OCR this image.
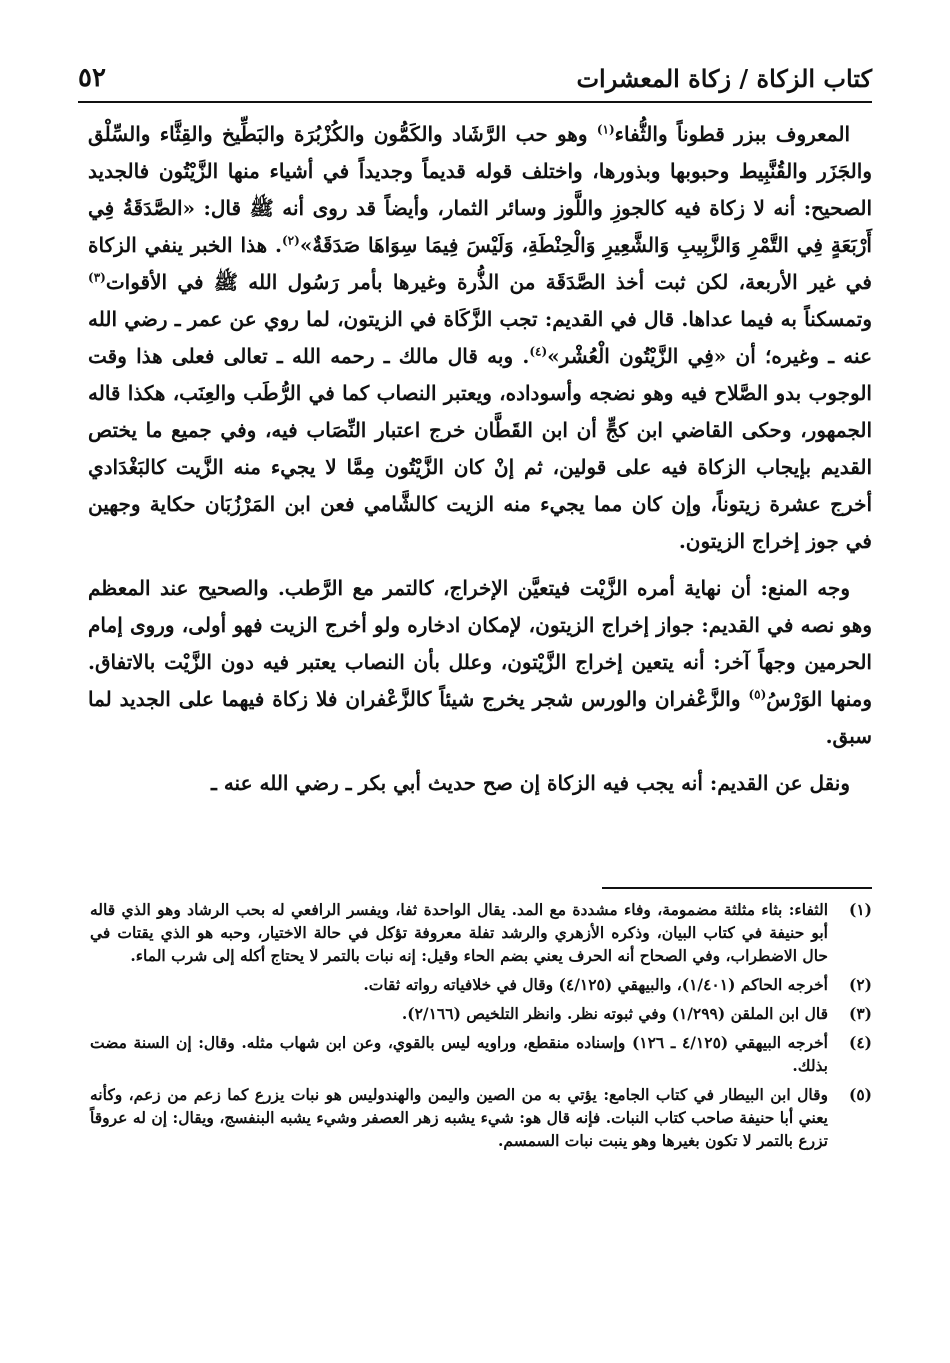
كتاب الزكاة / زكاة المعشرات
٥٢

المعروف ببزر قطوناً والثُّفاء$^{(١)}$ وهو حب الرَّشَاد والكَمُّون والكُزْبُرَة والبَطِّيخ والقِثَّاء والسِّلْق والجَزَر والقُنَّبِيط وحبوبها وبذورها، واختلف قوله قديماً وجديداً في أشياء منها الزَّيْتُون فالجديد الصحيح: أنه لا زكاة فيه كالجوزِ واللَّوز وسائر الثمار، وأيضاً قد روى أنه ﷺ قال: «الصَّدَقَةُ فِي أَرْبَعَةٍ فِي التَّمْرِ وَالزَّبِيبِ وَالشَّعِيرِ وَالْحِنْطَةِ، وَلَيْسَ فِيمَا سِوَاهَا صَدَقَةٌ»$^{(٢)}$. هذا الخبر ينفي الزكاة في غير الأربعة، لكن ثبت أخذ الصَّدَقَة من الذُّرة وغيرها بأمر رَسُول الله ﷺ في الأقوات$^{(٣)}$ وتمسكناً به فيما عداها. قال في القديم: تجب الزَّكَاة في الزيتون، لما روي عن عمر ـ رضي الله عنه ـ وغيره؛ أن «فِي الزَّيْتُون الْعُشْر»$^{(٤)}$. وبه قال مالك ـ رحمه الله ـ تعالى فعلى هذا وقت الوجوب بدو الصَّلاح فيه وهو نضجه وأسوداده، ويعتبر النصاب كما في الرُّطَب والعِنَب، هكذا قاله الجمهور، وحكى القاضي ابن كجٍّ أن ابن القَطَّان خرج اعتبار النِّصَاب فيه، وفي جميع ما يختص القديم بإيجاب الزكاة فيه على قولين، ثم إنْ كان الزَّيْتُون مِمَّا لا يجيء منه الزَّيت كالبَغْدَادي أخرج عشرة زيتوناً، وإن كان مما يجيء منه الزيت كالشَّامي فعن ابن المَرْزُبَان حكاية وجهين في جوز إخراج الزيتون.

وجه المنع: أن نهاية أمره الزَّيْت فيتعيَّن الإخراج، كالتمر مع الرَّطب. والصحيح عند المعظم وهو نصه في القديم: جواز إخراج الزيتون، لإمكان ادخاره ولو أخرج الزيت فهو أولى، وروى إمام الحرمين وجهاً آخر: أنه يتعين إخراج الزَّيْتون، وعلل بأن النصاب يعتبر فيه دون الزَّيْت بالاتفاق. ومنها الوَرْسُ$^{(٥)}$ والزَّعْفران والورس شجر يخرج شيئاً كالزَّعْفران فلا زكاة فيهما على الجديد لما سبق.

ونقل عن القديم: أنه يجب فيه الزكاة إن صح حديث أبي بكر ـ رضي الله عنه ـ

(١)
الثفاء: بثاء مثلثة مضمومة، وفاء مشددة مع المد. يقال الواحدة ثفا، ويفسر الرافعي له بحب الرشاد وهو الذي قاله أبو حنيفة في كتاب البيان، وذكره الأزهري والرشد تفلة معروفة تؤكل في حالة الاختيار، وحبه هو الذي يقتات في حال الاضطراب، وفي الصحاح أنه الحرف يعني بضم الحاء وقيل: إنه نبات بالتمر لا يحتاج أكله إلى شرب الماء.
(٢)
أخرجه الحاكم (١/٤٠١)، والبيهقي (٤/١٢٥) وقال في خلافياته رواته ثقات.
(٣)
قال ابن الملقن (١/٢٩٩) وفي ثبوته نظر. وانظر التلخيص (٢/١٦٦).
(٤)
أخرجه البيهقي (٤/١٢٥ ـ ١٢٦) وإسناده منقطع، وراويه ليس بالقوي، وعن ابن شهاب مثله. وقال: إن السنة مضت بذلك.
(٥)
وقال ابن البيطار في كتاب الجامع: يؤتي به من الصين واليمن والهندوليس هو نبات يزرع كما زعم من زعم، وكأنه يعني أبا حنيفة صاحب كتاب النبات. فإنه قال هو: شيء يشبه زهر العصفر وشيء يشبه البنفسج، ويقال: إن له عروقاً تزرع بالتمر لا تكون بغيرها وهو ينبت نبات السمسم.
